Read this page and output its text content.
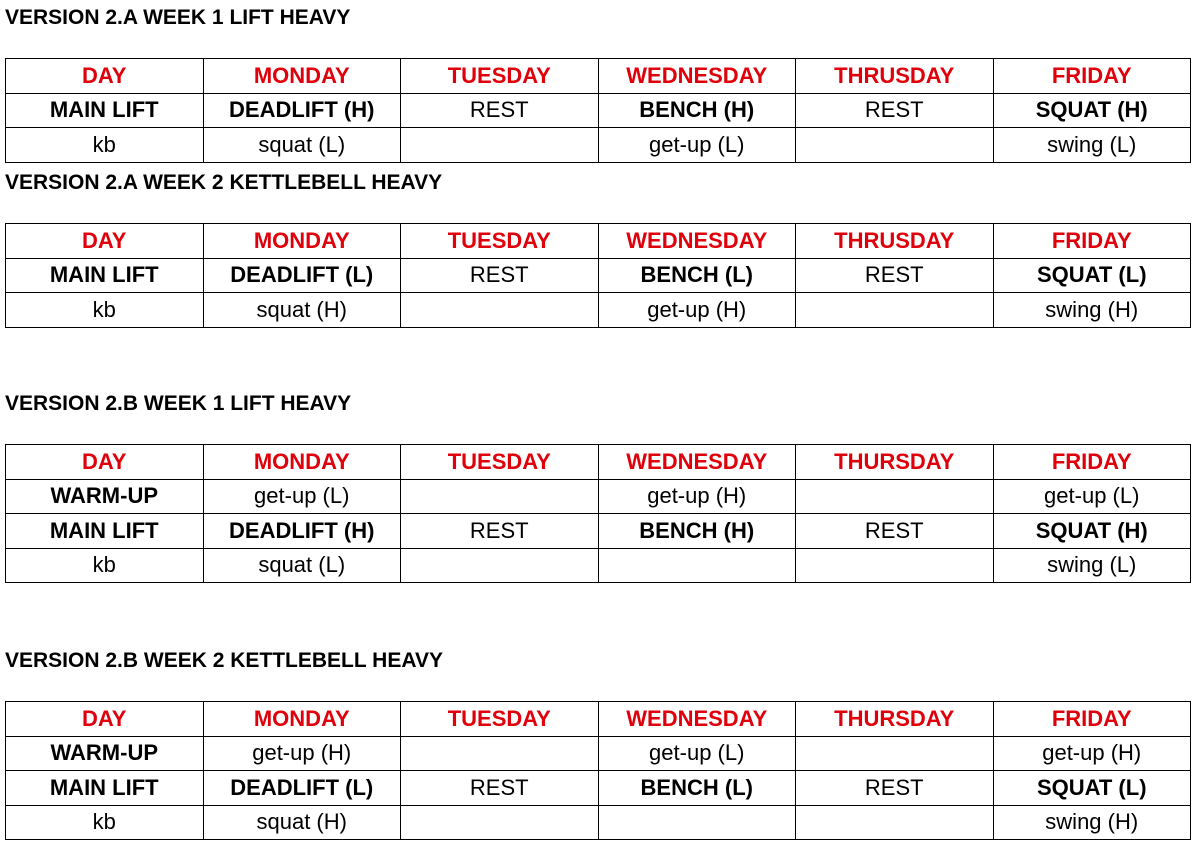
VERSION 2.A WEEK 1 LIFT HEAVY
DAY	MONDAY	TUESDAY	WEDNESDAY	THRUSDAY	FRIDAY
MAIN LIFT	DEADLIFT (H)	REST	BENCH (H)	REST	SQUAT (H)
kb	squat (L)		get-up (L)		swing (L)
VERSION 2.A WEEK 2 KETTLEBELL HEAVY
DAY	MONDAY	TUESDAY	WEDNESDAY	THRUSDAY	FRIDAY
MAIN LIFT	DEADLIFT (L)	REST	BENCH (L)	REST	SQUAT (L)
kb	squat (H)		get-up (H)		swing (H)
VERSION 2.B WEEK 1 LIFT HEAVY
DAY	MONDAY	TUESDAY	WEDNESDAY	THURSDAY	FRIDAY
WARM-UP	get-up (L)		get-up (H)		get-up (L)
MAIN LIFT	DEADLIFT (H)	REST	BENCH (H)	REST	SQUAT (H)
kb	squat (L)				swing (L)
VERSION 2.B WEEK 2 KETTLEBELL HEAVY
DAY	MONDAY	TUESDAY	WEDNESDAY	THURSDAY	FRIDAY
WARM-UP	get-up (H)		get-up (L)		get-up (H)
MAIN LIFT	DEADLIFT (L)	REST	BENCH (L)	REST	SQUAT (L)
kb	squat (H)				swing (H)
